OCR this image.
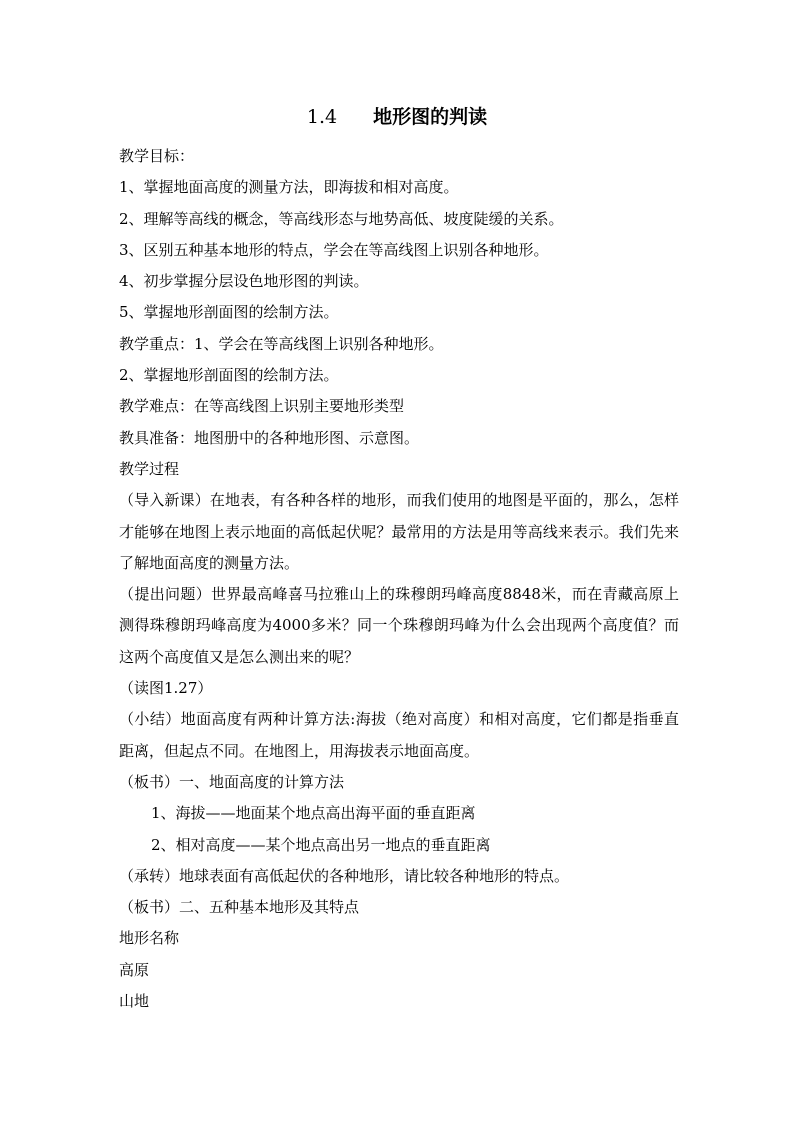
1.4 地形图的判读
教学目标：
1、掌握地面高度的测量方法，即海拔和相对高度。
2、理解等高线的概念，等高线形态与地势高低、坡度陡缓的关系。
3、区别五种基本地形的特点，学会在等高线图上识别各种地形。
4、初步掌握分层设色地形图的判读。
5、掌握地形剖面图的绘制方法。
教学重点：1、学会在等高线图上识别各种地形。
2、掌握地形剖面图的绘制方法。
教学难点：在等高线图上识别主要地形类型
教具准备：地图册中的各种地形图、示意图。
教学过程
（导入新课）在地表，有各种各样的地形，而我们使用的地图是平面的，那么，怎样才能够在地图上表示地面的高低起伏呢？最常用的方法是用等高线来表示。我们先来了解地面高度的测量方法。
（提出问题）世界最高峰喜马拉雅山上的珠穆朗玛峰高度8848米，而在青藏高原上测得珠穆朗玛峰高度为4000多米？同一个珠穆朗玛峰为什么会出现两个高度值？而这两个高度值又是怎么测出来的呢？
（读图1.27）
（小结）地面高度有两种计算方法:海拔（绝对高度）和相对高度，它们都是指垂直距离，但起点不同。在地图上，用海拔表示地面高度。
（板书）一、地面高度的计算方法
1、海拔——地面某个地点高出海平面的垂直距离
2、相对高度——某个地点高出另一地点的垂直距离
（承转）地球表面有高低起伏的各种地形，请比较各种地形的特点。
（板书）二、五种基本地形及其特点
地形名称
高原
山地
